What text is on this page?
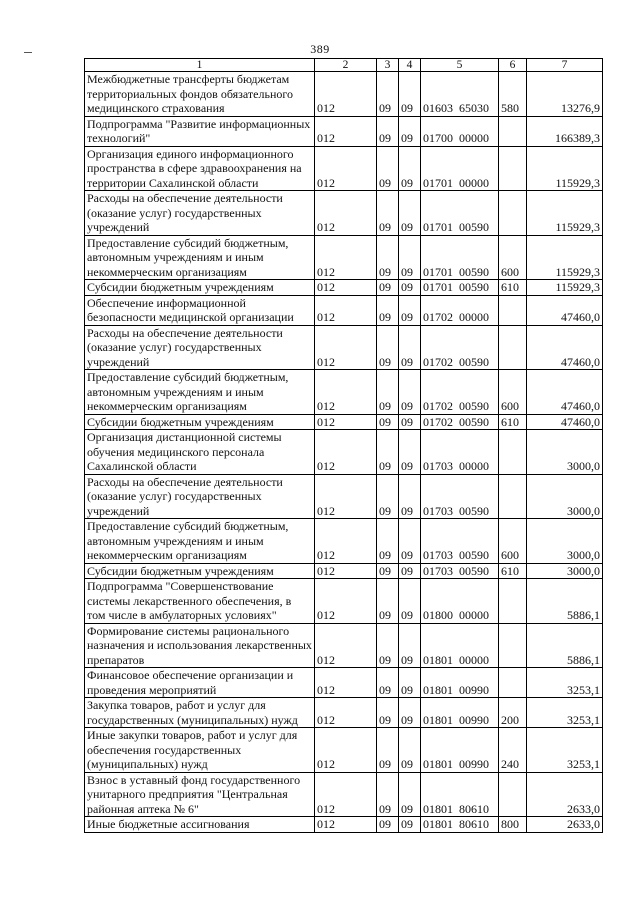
389
1	2	3	4	5	6	7
Межбюджетные трансферты бюджетам территориальных фондов обязательного медицинского страхования	012	09	09	01603 65030	580	13276,9
Подпрограмма "Развитие информационных технологий"	012	09	09	01700 00000		166389,3
Организация единого информационного пространства в сфере здравоохранения на территории Сахалинской области	012	09	09	01701 00000		115929,3
Расходы на обеспечение деятельности (оказание услуг) государственных учреждений	012	09	09	01701 00590		115929,3
Предоставление субсидий бюджетным, автономным учреждениям и иным некоммерческим организациям	012	09	09	01701 00590	600	115929,3
Субсидии бюджетным учреждениям	012	09	09	01701 00590	610	115929,3
Обеспечение информационной безопасности медицинской организации	012	09	09	01702 00000		47460,0
Расходы на обеспечение деятельности (оказание услуг) государственных учреждений	012	09	09	01702 00590		47460,0
Предоставление субсидий бюджетным, автономным учреждениям и иным некоммерческим организациям	012	09	09	01702 00590	600	47460,0
Субсидии бюджетным учреждениям	012	09	09	01702 00590	610	47460,0
Организация дистанционной системы обучения медицинского персонала Сахалинской области	012	09	09	01703 00000		3000,0
Расходы на обеспечение деятельности (оказание услуг) государственных учреждений	012	09	09	01703 00590		3000,0
Предоставление субсидий бюджетным, автономным учреждениям и иным некоммерческим организациям	012	09	09	01703 00590	600	3000,0
Субсидии бюджетным учреждениям	012	09	09	01703 00590	610	3000,0
Подпрограмма "Совершенствование системы лекарственного обеспечения, в том числе в амбулаторных условиях"	012	09	09	01800 00000		5886,1
Формирование системы рационального назначения и использования лекарственных препаратов	012	09	09	01801 00000		5886,1
Финансовое обеспечение организации и проведения мероприятий	012	09	09	01801 00990		3253,1
Закупка товаров, работ и услуг для государственных (муниципальных) нужд	012	09	09	01801 00990	200	3253,1
Иные закупки товаров, работ и услуг для обеспечения государственных (муниципальных) нужд	012	09	09	01801 00990	240	3253,1
Взнос в уставный фонд государственного унитарного предприятия "Центральная районная аптека № 6"	012	09	09	01801 80610		2633,0
Иные бюджетные ассигнования	012	09	09	01801 80610	800	2633,0
